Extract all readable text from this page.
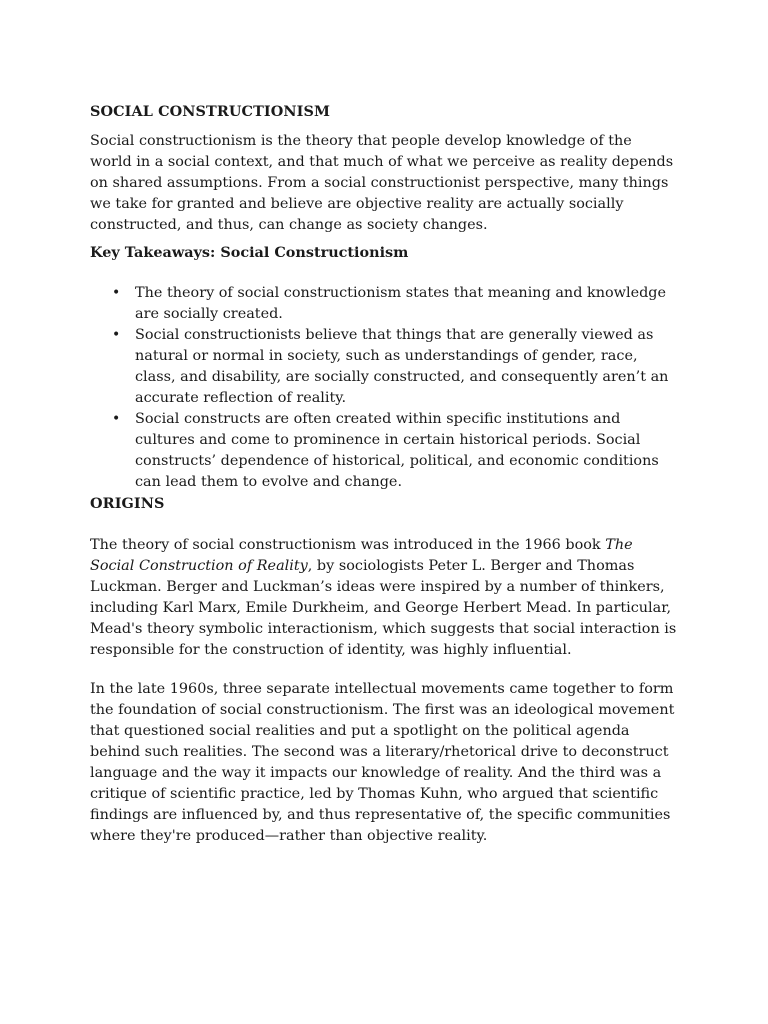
SOCIAL CONSTRUCTIONISM

Social constructionism is the theory that people develop knowledge of the world in a social context, and that much of what we perceive as reality depends on shared assumptions. From a social constructionist perspective, many things we take for granted and believe are objective reality are actually socially constructed, and thus, can change as society changes.

Key Takeaways: Social Constructionism
• The theory of social constructionism states that meaning and knowledge are socially created.
• Social constructionists believe that things that are generally viewed as natural or normal in society, such as understandings of gender, race, class, and disability, are socially constructed, and consequently aren’t an accurate reflection of reality.
• Social constructs are often created within specific institutions and cultures and come to prominence in certain historical periods. Social constructs’ dependence of historical, political, and economic conditions can lead them to evolve and change.
ORIGINS

The theory of social constructionism was introduced in the 1966 book The Social Construction of Reality, by sociologists Peter L. Berger and Thomas Luckman. Berger and Luckman’s ideas were inspired by a number of thinkers, including Karl Marx, Emile Durkheim, and George Herbert Mead. In particular, Mead's theory symbolic interactionism, which suggests that social interaction is responsible for the construction of identity, was highly influential.

In the late 1960s, three separate intellectual movements came together to form the foundation of social constructionism. The first was an ideological movement that questioned social realities and put a spotlight on the political agenda behind such realities. The second was a literary/rhetorical drive to deconstruct language and the way it impacts our knowledge of reality. And the third was a critique of scientific practice, led by Thomas Kuhn, who argued that scientific findings are influenced by, and thus representative of, the specific communities where they're produced—rather than objective reality.
